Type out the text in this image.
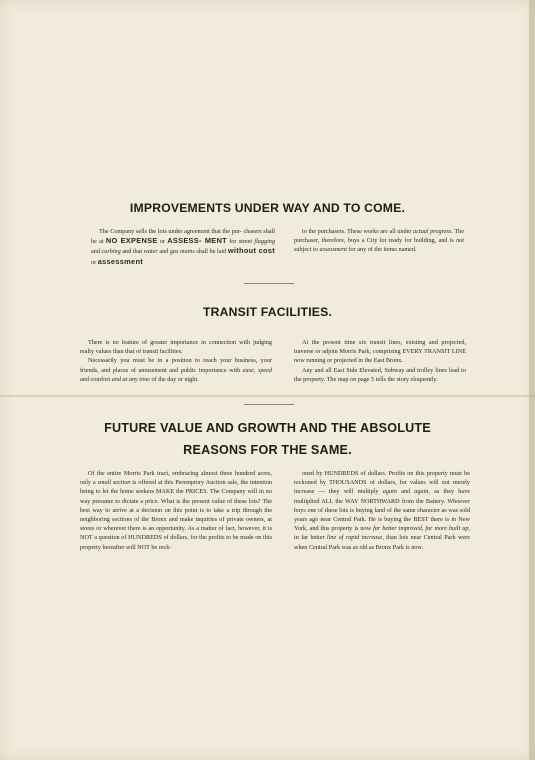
IMPROVEMENTS UNDER WAY AND TO COME.

The Company sells the lots under agreement that the pur- chasers shall be at NO EXPENSE or ASSESS- MENT for street flagging and curbing and that water and gas mains shall be laid without cost or assessment

to the purchasers. These works are all under actual progress. The purchaser, therefore, buys a City lot ready for building, and is not subject to assessment for any of the items named.

TRANSIT FACILITIES.

There is no feature of greater importance in connection with judging realty values than that of transit facilities.

Necessarily you must be in a position to reach your business, your friends, and places of amusement and public importance with ease, speed and comfort and at any time of the day or night.

At the present time six transit lines, existing and projected, traverse or adjoin Morris Park, comprising EVERY TRANSIT LINE now running or projected in the East Bronx.

Any and all East Side Elevated, Subway and trolley lines lead to the property. The map on page 5 tells the story eloquently.

FUTURE VALUE AND GROWTH AND THE ABSOLUTE
REASONS FOR THE SAME.

Of the entire Morris Park tract, embracing almost three hundred acres, only a small section is offered at this Peremptory Auction sale, the intention being to let the home seekers MAKE the PRICES. The Company will in no way presume to dictate a price. What is the present value of these lots? The best way to arrive at a decision on this point is to take a trip through the neighboring sections of the Bronx and make inquiries of private owners, at stores or wherever there is an opportunity. As a matter of fact, however, it is NOT a question of HUNDREDS of dollars, for the profits to be made on this property hereafter will NOT be reck-

oned by HUNDREDS of dollars. Profits on this property must be reckoned by THOUSANDS of dollars, for values will not merely increase — they will multiply again and again, as they have multiplied ALL the WAY NORTHWARD from the Battery. Whoever buys one of these lots is buying land of the same character as was sold years ago near Central Park. He is buying the BEST there is in New York, and this property is now far better improved, far more built up, in far better line of rapid increase, than lots near Central Park were when Central Park was as old as Bronx Park is now.
